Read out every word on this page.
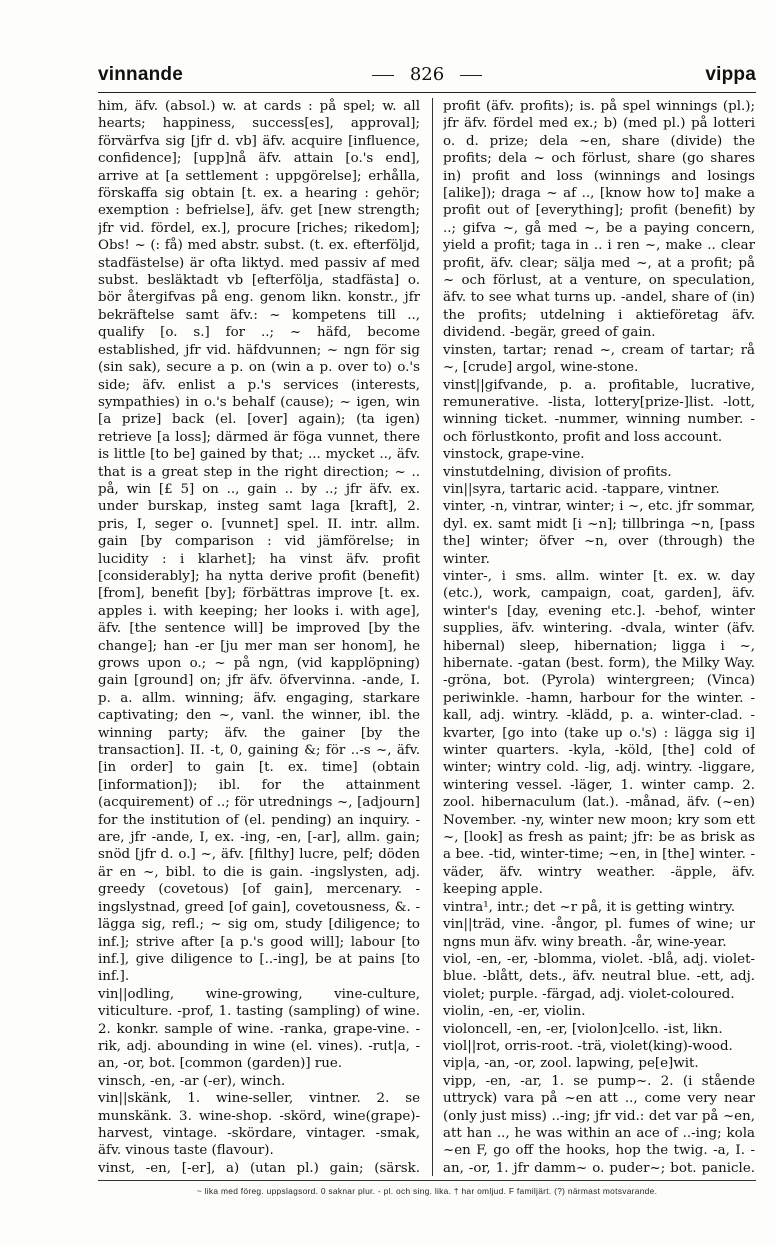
vinnande	826	vippa

him, äfv. (absol.) w. at cards : på spel; w. all hearts; happiness, success[es], approval]; förvärfva sig [jfr d. vb] äfv. acquire [influence, confidence]; [upp]nå äfv. attain [o.'s end], arrive at [a settlement : uppgörelse]; erhålla, förskaffa sig obtain [t. ex. a hearing : gehör; exemption : befrielse], äfv. get [new strength; jfr vid. fördel, ex.], procure [riches; rikedom]; Obs! ~ (: få) med abstr. subst. (t. ex. efterföljd, stadfästelse) är ofta liktyd. med passiv af med subst. besläktadt vb [efterfölja, stadfästa] o. bör återgifvas på eng. genom likn. konstr., jfr bekräftelse samt äfv.: ~ kompetens till .., qualify [o. s.] for ..; ~ häfd, become established, jfr vid. häfdvunnen; ~ ngn för sig (sin sak), secure a p. on (win a p. over to) o.'s side; äfv. enlist a p.'s services (interests, sympathies) in o.'s behalf (cause); ~ igen, win [a prize] back (el. [over] again); (ta igen) retrieve [a loss]; därmed är föga vunnet, there is little [to be] gained by that; ... mycket .., äfv. that is a great step in the right direction; ~ .. på, win [£ 5] on .., gain .. by ..; jfr äfv. ex. under burskap, insteg samt laga [kraft], 2. pris, I, seger o. [vunnet] spel. II. intr. allm. gain [by comparison : vid jämförelse; in lucidity : i klarhet]; ha vinst äfv. profit [considerably]; ha nytta derive profit (benefit) [from], benefit [by]; förbättras improve [t. ex. apples i. with keeping; her looks i. with age], äfv. [the sentence will] be improved [by the change]; han -er [ju mer man ser honom], he grows upon o.; ~ på ngn, (vid kapplöpning) gain [ground] on; jfr äfv. öfvervinna. -ande, I. p. a. allm. winning; äfv. engaging, starkare captivating; den ~, vanl. the winner, ibl. the winning party; äfv. the gainer [by the transaction]. II. -t, 0, gaining &; för ..-s ~, äfv. [in order] to gain [t. ex. time] (obtain [information]); ibl. for the attainment (acquirement) of ..; för utrednings ~, [adjourn] for the institution of (el. pending) an inquiry. -are, jfr -ande, I, ex. -ing, -en, [-ar], allm. gain; snöd [jfr d. o.] ~, äfv. [filthy] lucre, pelf; döden är en ~, bibl. to die is gain. -ingslysten, adj. greedy (covetous) [of gain], mercenary. -ingslystnad, greed [of gain], covetousness, &. -lägga sig, refl.; ~ sig om, study [diligence; to inf.]; strive after [a p.'s good will]; labour [to inf.], give diligence to [..-ing], be at pains [to inf.].

vin||odling, wine-growing, vine-culture, viticulture. -prof, 1. tasting (sampling) of wine. 2. konkr. sample of wine. -ranka, grape-vine. -rik, adj. abounding in wine (el. vines). -rut|a, -an, -or, bot. [common (garden)] rue.

vinsch, -en, -ar (-er), winch.

vin||skänk, 1. wine-seller, vintner. 2. se munskänk. 3. wine-shop. -skörd, wine(grape)-harvest, vintage. -skördare, vintager. -smak, äfv. vinous taste (flavour).

vinst, -en, [-er], a) (utan pl.) gain; (särsk.

profit (äfv. profits); is. på spel winnings (pl.); jfr äfv. fördel med ex.; b) (med pl.) på lotteri o. d. prize; dela ~en, share (divide) the profits; dela ~ och förlust, share (go shares in) profit and loss (winnings and losings [alike]); draga ~ af .., [know how to] make a profit out of [everything]; profit (benefit) by ..; gifva ~, gå med ~, be a paying concern, yield a profit; taga in .. i ren ~, make .. clear profit, äfv. clear; sälja med ~, at a profit; på ~ och förlust, at a venture, on speculation, äfv. to see what turns up. -andel, share of (in) the profits; utdelning i aktieföretag äfv. dividend. -begär, greed of gain.

vinsten, tartar; renad ~, cream of tartar; rå ~, [crude] argol, wine-stone.

vinst||gifvande, p. a. profitable, lucrative, remunerative. -lista, lottery[prize-]list. -lott, winning ticket. -nummer, winning number. - och förlustkonto, profit and loss account.

vinstock, grape-vine.

vinstutdelning, division of profits.

vin||syra, tartaric acid. -tappare, vintner.

vinter, -n, vintrar, winter; i ~, etc. jfr sommar, dyl. ex. samt midt [i ~n]; tillbringa ~n, [pass the] winter; öfver ~n, over (through) the winter.

vinter-, i sms. allm. winter [t. ex. w. day (etc.), work, campaign, coat, garden], äfv. winter's [day, evening etc.]. -behof, winter supplies, äfv. wintering. -dvala, winter (äfv. hibernal) sleep, hibernation; ligga i ~, hibernate. -gatan (best. form), the Milky Way. -gröna, bot. (Pyrola) wintergreen; (Vinca) periwinkle. -hamn, harbour for the winter. -kall, adj. wintry. -klädd, p. a. winter-clad. -kvarter, [go into (take up o.'s) : lägga sig i] winter quarters. -kyla, -köld, [the] cold of winter; wintry cold. -lig, adj. wintry. -liggare, wintering vessel. -läger, 1. winter camp. 2. zool. hibernaculum (lat.). -månad, äfv. (~en) November. -ny, winter new moon; kry som ett ~, [look] as fresh as paint; jfr: be as brisk as a bee. -tid, winter-time; ~en, in [the] winter. -väder, äfv. wintry weather. -äpple, äfv. keeping apple.

vintra¹, intr.; det ~r på, it is getting wintry.

vin||träd, vine. -ångor, pl. fumes of wine; ur ngns mun äfv. winy breath. -år, wine-year.

viol, -en, -er, -blomma, violet. -blå, adj. violet-blue. -blått, dets., äfv. neutral blue. -ett, adj. violet; purple. -färgad, adj. violet-coloured.

violin, -en, -er, violin.

violoncell, -en, -er, [violon]cello. -ist, likn.

viol||rot, orris-root. -trä, violet(king)-wood.

vip|a, -an, -or, zool. lapwing, pe[e]wit.

vipp, -en, -ar, 1. se pump~. 2. (i stående uttryck) vara på ~en att .., come very near (only just miss) ..-ing; jfr vid.: det var på ~en, att han .., he was within an ace of ..-ing; kola ~en F, go off the hooks, hop the twig. -a, I. -an, -or, 1. jfr damm~ o. puder~; bot. panicle.

~ lika med föreg. uppslagsord. 0 saknar plur. - pl. och sing. lika. † har omljud. F familjärt. (?) närmast motsvarande.
